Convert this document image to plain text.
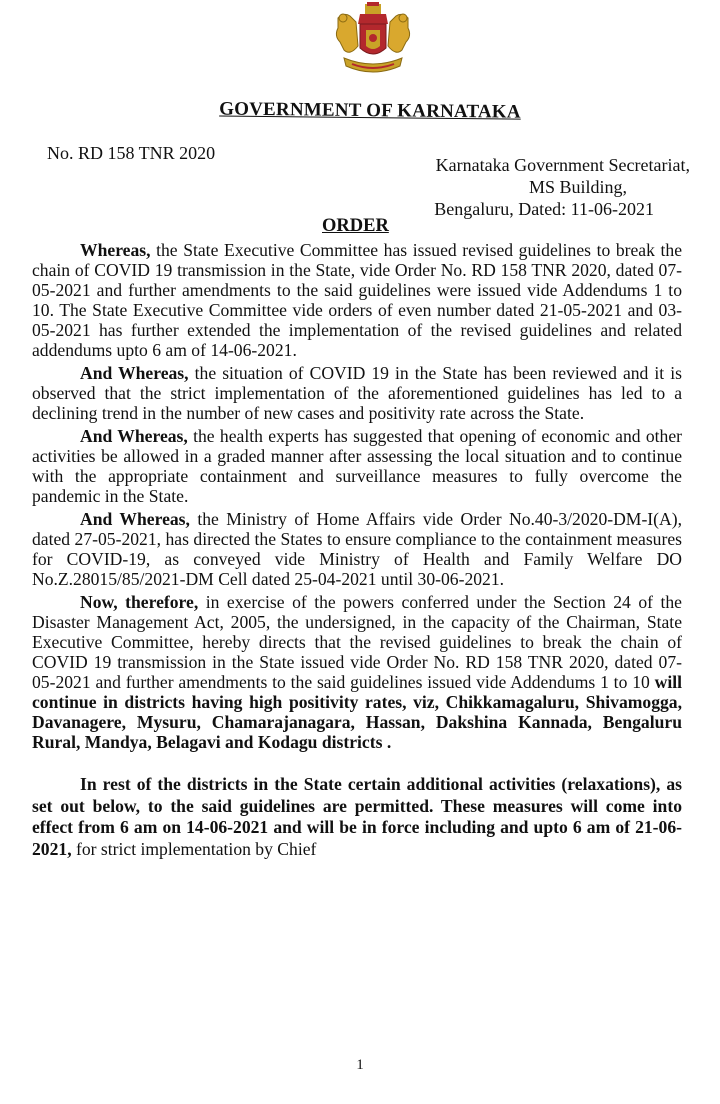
GOVERNMENT OF KARNATAKA
No. RD 158 TNR 2020
Karnataka Government Secretariat,
MS Building,
Bengaluru, Dated: 11-06-2021
ORDER

Whereas, the State Executive Committee has issued revised guidelines to break the chain of COVID 19 transmission in the State, vide Order No. RD 158 TNR 2020, dated 07-05-2021 and further amendments to the said guidelines were issued vide Addendums 1 to 10. The State Executive Committee vide orders of even number dated 21-05-2021 and 03-05-2021 has further extended the implementation of the revised guidelines and related addendums upto 6 am of 14-06-2021.

And Whereas, the situation of COVID 19 in the State has been reviewed and it is observed that the strict implementation of the aforementioned guidelines has led to a declining trend in the number of new cases and positivity rate across the State.

And Whereas, the health experts has suggested that opening of economic and other activities be allowed in a graded manner after assessing the local situation and to continue with the appropriate containment and surveillance measures to fully overcome the pandemic in the State.

And Whereas, the Ministry of Home Affairs vide Order No.40-3/2020-DM-I(A), dated 27-05-2021, has directed the States to ensure compliance to the containment measures for COVID-19, as conveyed vide Ministry of Health and Family Welfare DO No.Z.28015/85/2021-DM Cell dated 25-04-2021 until 30-06-2021.

Now, therefore, in exercise of the powers conferred under the Section 24 of the Disaster Management Act, 2005, the undersigned, in the capacity of the Chairman, State Executive Committee, hereby directs that the revised guidelines to break the chain of COVID 19 transmission in the State issued vide Order No. RD 158 TNR 2020, dated 07-05-2021 and further amendments to the said guidelines issued vide Addendums 1 to 10 will continue in districts having high positivity rates, viz, Chikkamagaluru, Shivamogga, Davanagere, Mysuru, Chamarajanagara, Hassan, Dakshina Kannada, Bengaluru Rural, Mandya, Belagavi and Kodagu districts .

In rest of the districts in the State certain additional activities (relaxations), as set out below, to the said guidelines are permitted. These measures will come into effect from 6 am on 14-06-2021 and will be in force including and upto 6 am of 21-06-2021, for strict implementation by Chief

1
